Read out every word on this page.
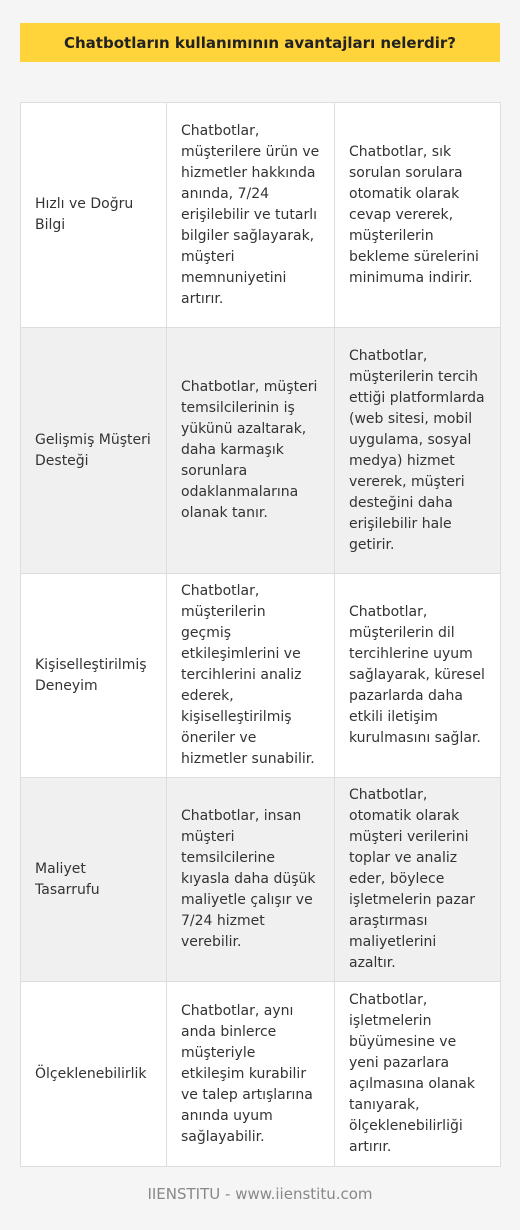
Chatbotların kullanımının avantajları nelerdir?
Hızlı ve Doğru Bilgi	Chatbotlar, müşterilere ürün ve hizmetler hakkında anında, 7/24 erişilebilir ve tutarlı bilgiler sağlayarak, müşteri memnuniyetini artırır.	Chatbotlar, sık sorulan sorulara otomatik olarak cevap vererek, müşterilerin bekleme sürelerini minimuma indirir.
Gelişmiş Müşteri Desteği	Chatbotlar, müşteri temsilcilerinin iş yükünü azaltarak, daha karmaşık sorunlara odaklanmalarına olanak tanır.	Chatbotlar, müşterilerin tercih ettiği platformlarda (web sitesi, mobil uygulama, sosyal medya) hizmet vererek, müşteri desteğini daha erişilebilir hale getirir.
Kişiselleştirilmiş Deneyim	Chatbotlar, müşterilerin geçmiş etkileşimlerini ve tercihlerini analiz ederek, kişiselleştirilmiş öneriler ve hizmetler sunabilir.	Chatbotlar, müşterilerin dil tercihlerine uyum sağlayarak, küresel pazarlarda daha etkili iletişim kurulmasını sağlar.
Maliyet Tasarrufu	Chatbotlar, insan müşteri temsilcilerine kıyasla daha düşük maliyetle çalışır ve 7/24 hizmet verebilir.	Chatbotlar, otomatik olarak müşteri verilerini toplar ve analiz eder, böylece işletmelerin pazar araştırması maliyetlerini azaltır.
Ölçeklenebilirlik	Chatbotlar, aynı anda binlerce müşteriyle etkileşim kurabilir ve talep artışlarına anında uyum sağlayabilir.	Chatbotlar, işletmelerin büyümesine ve yeni pazarlara açılmasına olanak tanıyarak, ölçeklenebilirliği artırır.
IIENSTITU - www.iienstitu.com
